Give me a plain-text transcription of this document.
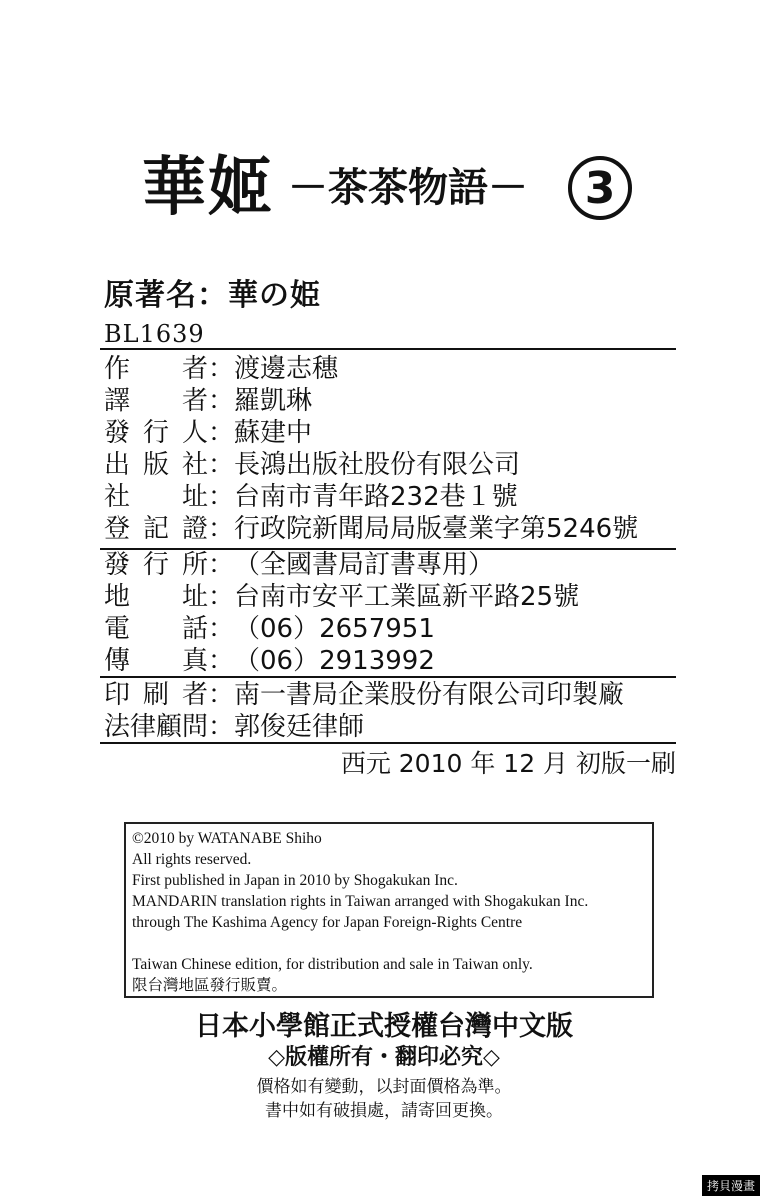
華姬 －茶茶物語－ 3
原著名：華の姫
BL1639
作 者 ： 渡邊志穗
譯 者 ： 羅凱琳
發 行 人 ： 蘇建中
出 版 社 ： 長鴻出版社股份有限公司
社 址 ： 台南市青年路232巷１號
登 記 證 ： 行政院新聞局局版臺業字第5246號
發 行 所 ： （全國書局訂書專用）
地 址 ： 台南市安平工業區新平路25號
電 話 ： （06）2657951
傳 真 ： （06）2913992
印 刷 者 ： 南一書局企業股份有限公司印製廠
法 律 顧 問 ： 郭俊廷律師
西元 2010 年 12 月 初版一刷
©2010 by WATANABE Shiho
All rights reserved.
First published in Japan in 2010 by Shogakukan Inc.
MANDARIN translation rights in Taiwan arranged with Shogakukan Inc.
through The Kashima Agency for Japan Foreign-Rights Centre
Taiwan Chinese edition, for distribution and sale in Taiwan only.
限台灣地區發行販賣。
日本小學館正式授權台灣中文版
◇版權所有・翻印必究◇
價格如有變動，以封面價格為準。
書中如有破損處，請寄回更換。
拷貝漫畫
